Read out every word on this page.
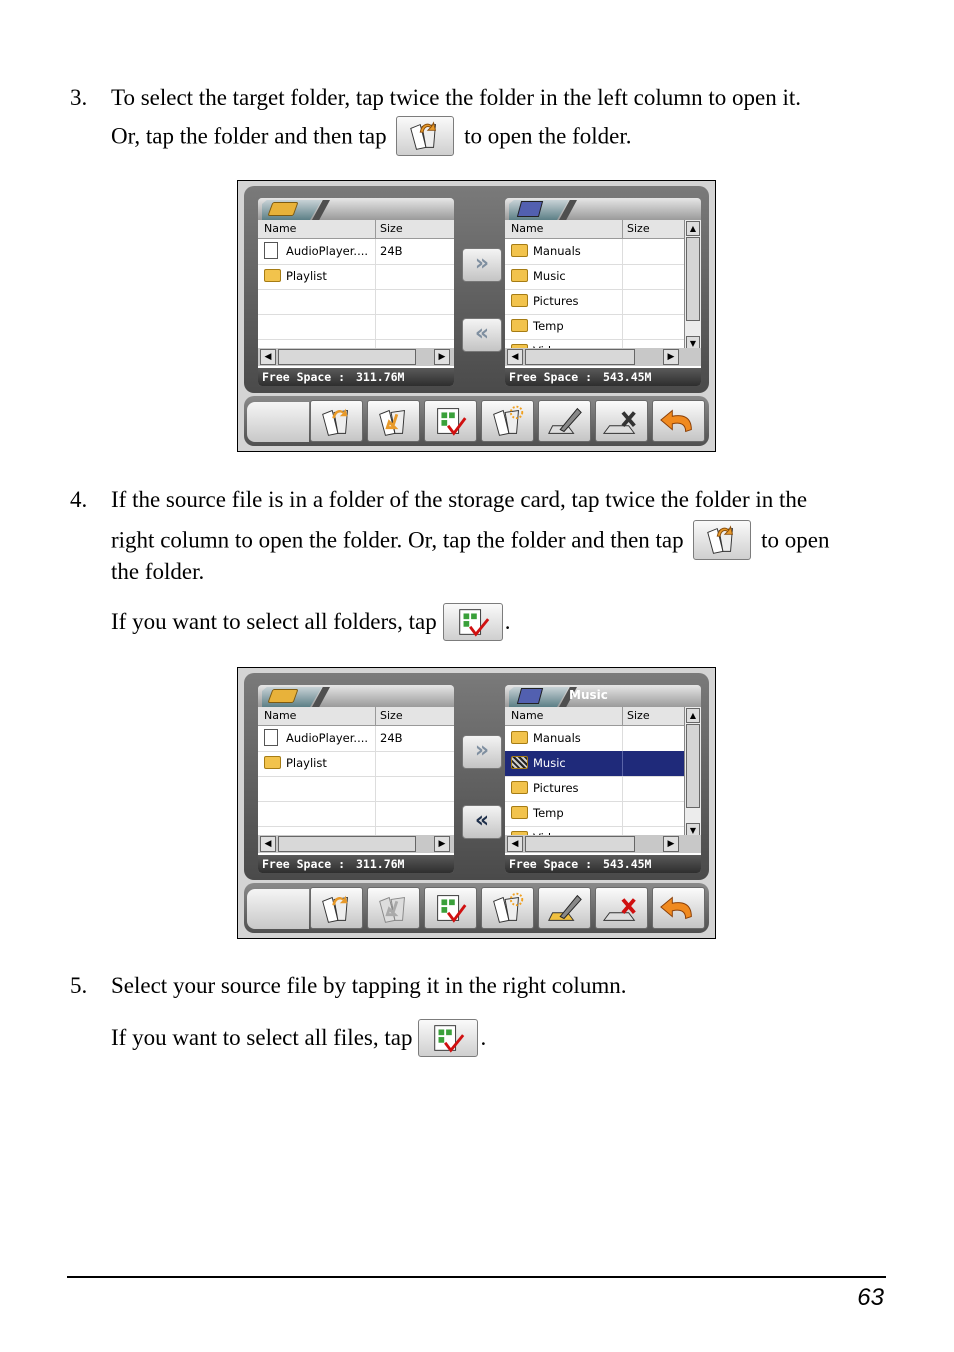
3. To select the target folder, tap twice the folder in the left column to open it.
Or, tap the folder and then tap	to open the folder.
Name	Size
AudioPlayer.... 24B
Playlist
◀	▶
Free Space : 311.76M
»
«
Name	Size
Manuals
Music
Pictures
Temp
▲
▼
◀	▶
Free Space : 543.45M
4. If the source file is in a folder of the storage card, tap twice the folder in the
right column to open the folder. Or, tap the folder and then tap	to open
the folder.
If you want to select all folders, tap	.
Name	Size
AudioPlayer.... 24B
Playlist
◀	▶
Free Space : 311.76M
»
«
Music
Name	Size
Manuals
Music
Pictures
Temp
▲
▼
◀	▶
Free Space : 543.45M
5. Select your source file by tapping it in the right column.
If you want to select all files, tap	.
63
